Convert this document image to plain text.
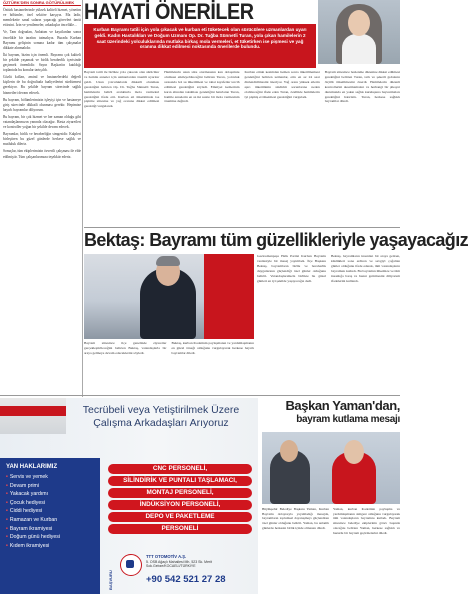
ÖZTÜRK'DEN SONRA GÖTÜRÜLMEK

Öztürk hastanelerinde yüksek kaliteli hizmet, yönetim ve bölümler, özel sektöre karşıyız. Ma ladir, memlekette sanal suların yapacağı görevleri ümüt ettirsini. İzin ve yenilemeler, arkadaşlar öncelikle...

Ve, Tam doğrudan, Anlattım ve kayıtlardan sonra öncelikle bir tarafını tutmalıyız. Burada Kurban Bayramı gelişinin sonuna kadar tüm çalışmalar dikkate alınmalıdır.

İki bayram, bizim için önemli. Bayramı çok kaliteli bir şekilde yaşamak ve birlik beraberlik içerisinde geçirmek önemlidir. Sayın Başkan'ın katıldığı toplantıda bu konular tartışıldı.

Gözlü kolları, amiral ve hastanelerdeki değerli kişilerin de bu doğrultuda faaliyetlerini sürdürmesi gerekiyor. Bu şekilde bayram sürecinde sağlık hizmetleri devam edecek.

Bu bayram, bölümlerimizin işleyişi için ve hastaneye giriş sürecinde dikkatli olunması gerekir. Hepimize hayırlı bayramlar diliyorum.

Bu bayram, bir çok hizmet ve her zaman olduğu gibi vatandaşlarımızın yanında olacağız. Hasta ziyaretleri ve kontroller yoğun bir şekilde devam edecek.

Bayramlar, birlik ve beraberliğin simgesidir. Kalpleri birleştiren bu güzel günlerde herkese sağlık ve mutluluk dileriz.

Sonuçlar, tüm ekiplerimizin özverili çalışması ile elde edilmiştir. Tüm çalışanlarımıza teşekkür ederiz.

HAYATİ ÖNERİLER
Kurban Bayramı tatili için yola çıkacak ve kurban eti tüketecek olan sürücülere uzmanlardan uyarı geldi. Kadın Hastalıkları ve Doğum Uzmanı Op. Dr. Tuğba Sünnetli Turan, yola çıkan hamilelerin 2 saat üzerindeki yolculuklarında mutlaka birkaç mola vermeleri, et tüketirken ise pişmesi ve yağ oranına dikkat edilmesi noktasında önerilerde bulundu.
Bayram tatili ile birlikte yola çıkacak olan sürücüler ve hamile anneler için uzmanlardan önemli uyarılar geldi. Uzun yolculuklarda dikkatli olunması gerektiğini belirten Op. Dr. Tuğba Sünnetli Turan, hamilelerin belirli aralıklarla mola vermeleri gerektiğini ifade etti. Kurban eti tüketiminde ise pişirme süresine ve yağ oranına dikkat edilmesi gerektiği vurgulandı.
Hamilelerin uzun süre oturmasının kan dolaşımını olumsuz etkileyebileceğini belirten Turan, yolculuk sırasında bol su tüketilmesi ve rahat kıyafetler tercih edilmesi gerektiğini söyledi. Emniyet kemerinin karın altından takılması gerektiğini hatırlatan Turan, hamile annelerin en az iki saatte bir mola vermesinin önemine değindi.
Kurban etinin kesimden hemen sonra tüketilmemesi gerektiğini belirten uzmanlar, etin en az 24 saat dinlendirilmesini öneriyor. Yağ oranı yüksek etlerin aşırı tüketiminin sindirim sorunlarına neden olabileceğini ifade eden Turan, özellikle hamilelerin iyi pişmiş et tüketmesi gerektiğini vurguladı.
Bayram süresince beslenme düzenine dikkat edilmesi gerektiğini belirten Turan, tatlı ve şekerli gıdaların ölçülü tüketilmesini önerdi. Hamilelerin düzenli kontrollerini aksatmamaları ve herhangi bir şikayet durumunda en yakın sağlık kuruluşuna başvurmaları gerektiğini hatırlattı. Turan, herkese sağlıklı bayramlar diledi.
Bektaş: Bayramı tüm güzellikleriyle yaşayacağız
Gaziosmanpaşa Halk Partisi Kurban Bayramı vesilesiyle bir mesaj yayımladı. İlçe Başkanı Bektaş, bayramların birlik ve beraberlik duygularının güçlendiği özel günler olduğunu belirtti. Vatandaşlarımızla birlikte bu güzel günleri en iyi şekilde yaşayacağız dedi.
Bektaş, bayramların insanları bir araya getiren, küslükleri sona erdiren ve sevgiyi çoğaltan günler olduğunu ifade ederek, tüm vatandaşların bayramını kutladı. Bu bayramın ülkemize ve tüm insanlığa barış ve huzur getirmesini diliyorum ifadelerini kullandı.
Bayram süresince ilçe genelinde ziyaretler gerçekleştirileceğini belirten Bektaş, vatandaşlarla bir araya gelmeye devam edeceklerini söyledi.
Bektaş, kurban ibadetinin paylaşmanın ve yardımlaşmanın en güzel örneği olduğunu vurgulayarak herkese hayırlı bayramlar diledi.
Tecrübeli veya Yetiştirilmek Üzere Çalışma Arkadaşları Arıyoruz
YAN HAKLARIMIZ
• Servis ve yemek
• Devam primi
• Yakacak yardımı
• Çocuk hediyesi
• Ciddi hediyesi
• Ramazan ve Kurban
• Bayram ikramiyesi
• Doğum günü hediyesi
• Kıdem ikramiyesi
CNC PERSONELİ,
SİLİNDİRİK VE PUNTALI TAŞLAMACI,
MONTAJ PERSONELİ,
İNDÜKSİYON PERSONELİ,
DEPO VE PAKETLEME
PERSONELİ
BAŞVURU
TTT OTOMOTİV A.Ş.
5. OSB Ağaçlı Mahallesi Mh. 523 Sk. Merit Sok.Gebze/KOCAELİ/TÜRKİYE
+90 542 521 27 28
Başkan Yaman'dan,
bayram kutlama mesajı
Büyükşehir Belediye Başkanı Yaman, Kurban Bayramı dolayısıyla yayımladığı mesajda, bayramların toplumsal dayanışmayı güçlendiren özel günler olduğunu belirtti. Yaman, bu anlamlı günlerde herkesin birlik içinde olmasını diledi.
Yaman, kurban ibadetinin paylaşma ve yardımlaşmanın simgesi olduğunu vurgulayarak tüm vatandaşların bayramını kutladı. Bayram süresince belediye ekiplerinin görev başında olacağını belirten Yaman, herkese sağlıklı ve huzurlu bir bayram geçirmelerini diledi.
